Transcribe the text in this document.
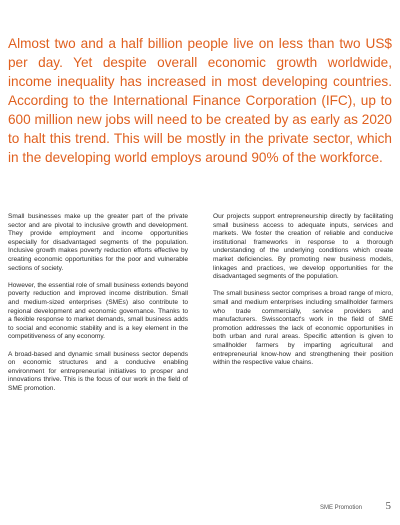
Almost two and a half billion people live on less than two US$ per day. Yet despite overall economic growth worldwide, income inequality has increased in most developing countries. According to the International Finance Corporation (IFC), up to 600 million new jobs will need to be created by as early as 2020 to halt this trend. This will be mostly in the private sector, which in the developing world employs around 90% of the workforce.

Small businesses make up the greater part of the private sector and are pivotal to inclusive growth and development. They provide employment and income opportunities especially for disadvantaged segments of the population. Inclusive growth makes poverty reduction efforts effective by creating economic opportunities for the poor and vulnerable sections of society.

However, the essential role of small business extends beyond poverty reduction and improved income distribution. Small and medium-sized enterprises (SMEs) also contribute to regional development and economic governance. Thanks to a flexible response to market demands, small business adds to social and economic stability and is a key element in the competitiveness of any economy.

A broad-based and dynamic small business sector depends on economic structures and a conducive enabling environment for entrepreneurial initiatives to prosper and innovations thrive. This is the focus of our work in the field of SME promotion.

Our projects support entrepreneurship directly by facilitating small business access to adequate inputs, services and markets. We foster the creation of reliable and conducive institutional frameworks in response to a thorough understanding of the underlying conditions which create market deficiencies. By promoting new business models, linkages and practices, we develop opportunities for the disadvantaged segments of the population.

The small business sector comprises a broad range of micro, small and medium enterprises including smallholder farmers who trade commercially, service providers and manufacturers. Swisscontact's work in the field of SME promotion addresses the lack of economic opportunities in both urban and rural areas. Specific attention is given to smallholder farmers by imparting agricultural and entrepreneurial know-how and strengthening their position within the respective value chains.

SME Promotion 5
